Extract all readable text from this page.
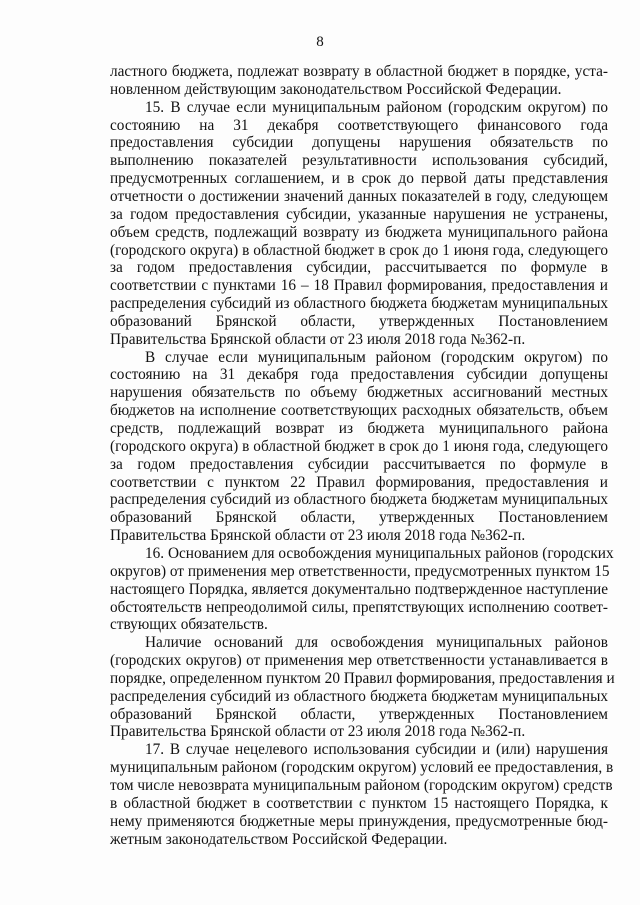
8
ластного бюджета, подлежат возврату в областной бюджет в порядке, уста-
новленном действующим законодательством Российской Федерации.
15. В случае если муниципальным районом (городским округом) по
состоянию на 31 декабря соответствующего финансового года
предоставления субсидии допущены нарушения обязательств по
выполнению показателей результативности использования субсидий,
предусмотренных соглашением, и в срок до первой даты представления
отчетности о достижении значений данных показателей в году, следующем
за годом предоставления субсидии, указанные нарушения не устранены,
объем средств, подлежащий возврату из бюджета муниципального района
(городского округа) в областной бюджет в срок до 1 июня года, следующего
за годом предоставления субсидии, рассчитывается по формуле в
соответствии с пунктами 16 – 18 Правил формирования, предоставления и
распределения субсидий из областного бюджета бюджетам муниципальных
образований Брянской области, утвержденных Постановлением
Правительства Брянской области от 23 июля 2018 года №362-п.
В случае если муниципальным районом (городским округом) по
состоянию на 31 декабря года предоставления субсидии допущены
нарушения обязательств по объему бюджетных ассигнований местных
бюджетов на исполнение соответствующих расходных обязательств, объем
средств, подлежащий возврат из бюджета муниципального района
(городского округа) в областной бюджет в срок до 1 июня года, следующего
за годом предоставления субсидии рассчитывается по формуле в
соответствии с пунктом 22 Правил формирования, предоставления и
распределения субсидий из областного бюджета бюджетам муниципальных
образований Брянской области, утвержденных Постановлением
Правительства Брянской области от 23 июля 2018 года №362-п.
16. Основанием для освобождения муниципальных районов (городских
округов) от применения мер ответственности, предусмотренных пунктом 15
настоящего Порядка, является документально подтвержденное наступление
обстоятельств непреодолимой силы, препятствующих исполнению соответ-
ствующих обязательств.
Наличие оснований для освобождения муниципальных районов
(городских округов) от применения мер ответственности устанавливается в
порядке, определенном пунктом 20 Правил формирования, предоставления и
распределения субсидий из областного бюджета бюджетам муниципальных
образований Брянской области, утвержденных Постановлением
Правительства Брянской области от 23 июля 2018 года №362-п.
17. В случае нецелевого использования субсидии и (или) нарушения
муниципальным районом (городским округом) условий ее предоставления, в
том числе невозврата муниципальным районом (городским округом) средств
в областной бюджет в соответствии с пунктом 15 настоящего Порядка, к
нему применяются бюджетные меры принуждения, предусмотренные бюд-
жетным законодательством Российской Федерации.
